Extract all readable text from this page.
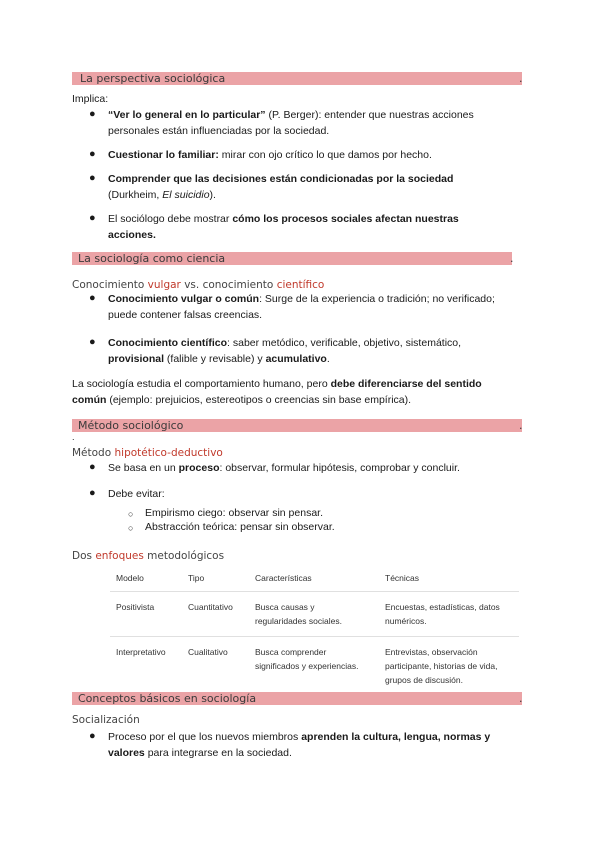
La perspectiva sociológica	.
Implica:
● “Ver lo general en lo particular” (P. Berger): entender que nuestras acciones
personales están influenciadas por la sociedad.
● Cuestionar lo familiar: mirar con ojo crítico lo que damos por hecho.
● Comprender que las decisiones están condicionadas por la sociedad
(Durkheim, El suicidio).
● El sociólogo debe mostrar cómo los procesos sociales afectan nuestras
acciones.
La sociología como ciencia	.
Conocimiento vulgar vs. conocimiento científico
● Conocimiento vulgar o común: Surge de la experiencia o tradición; no verificado;
puede contener falsas creencias.
● Conocimiento científico: saber metódico, verificable, objetivo, sistemático,
provisional (falible y revisable) y acumulativo.
La sociología estudia el comportamiento humano, pero debe diferenciarse del sentido
común (ejemplo: prejuicios, estereotipos o creencias sin base empírica).
Método sociológico	.
.
Método hipotético-deductivo
● Se basa en un proceso: observar, formular hipótesis, comprobar y concluir.
● Debe evitar:
○ Empirismo ciego: observar sin pensar.
○ Abstracción teórica: pensar sin observar.
Dos enfoques metodológicos
Modelo	Tipo	Características	Técnicas
Positivista	Cuantitativo	Busca causas y
regularidades sociales.	Encuestas, estadísticas, datos
numéricos.
Interpretativo	Cualitativo	Busca comprender
significados y experiencias.	Entrevistas, observación
participante, historias de vida,
grupos de discusión.
Conceptos básicos en sociología	.
Socialización
● Proceso por el que los nuevos miembros aprenden la cultura, lengua, normas y
valores para integrarse en la sociedad.
